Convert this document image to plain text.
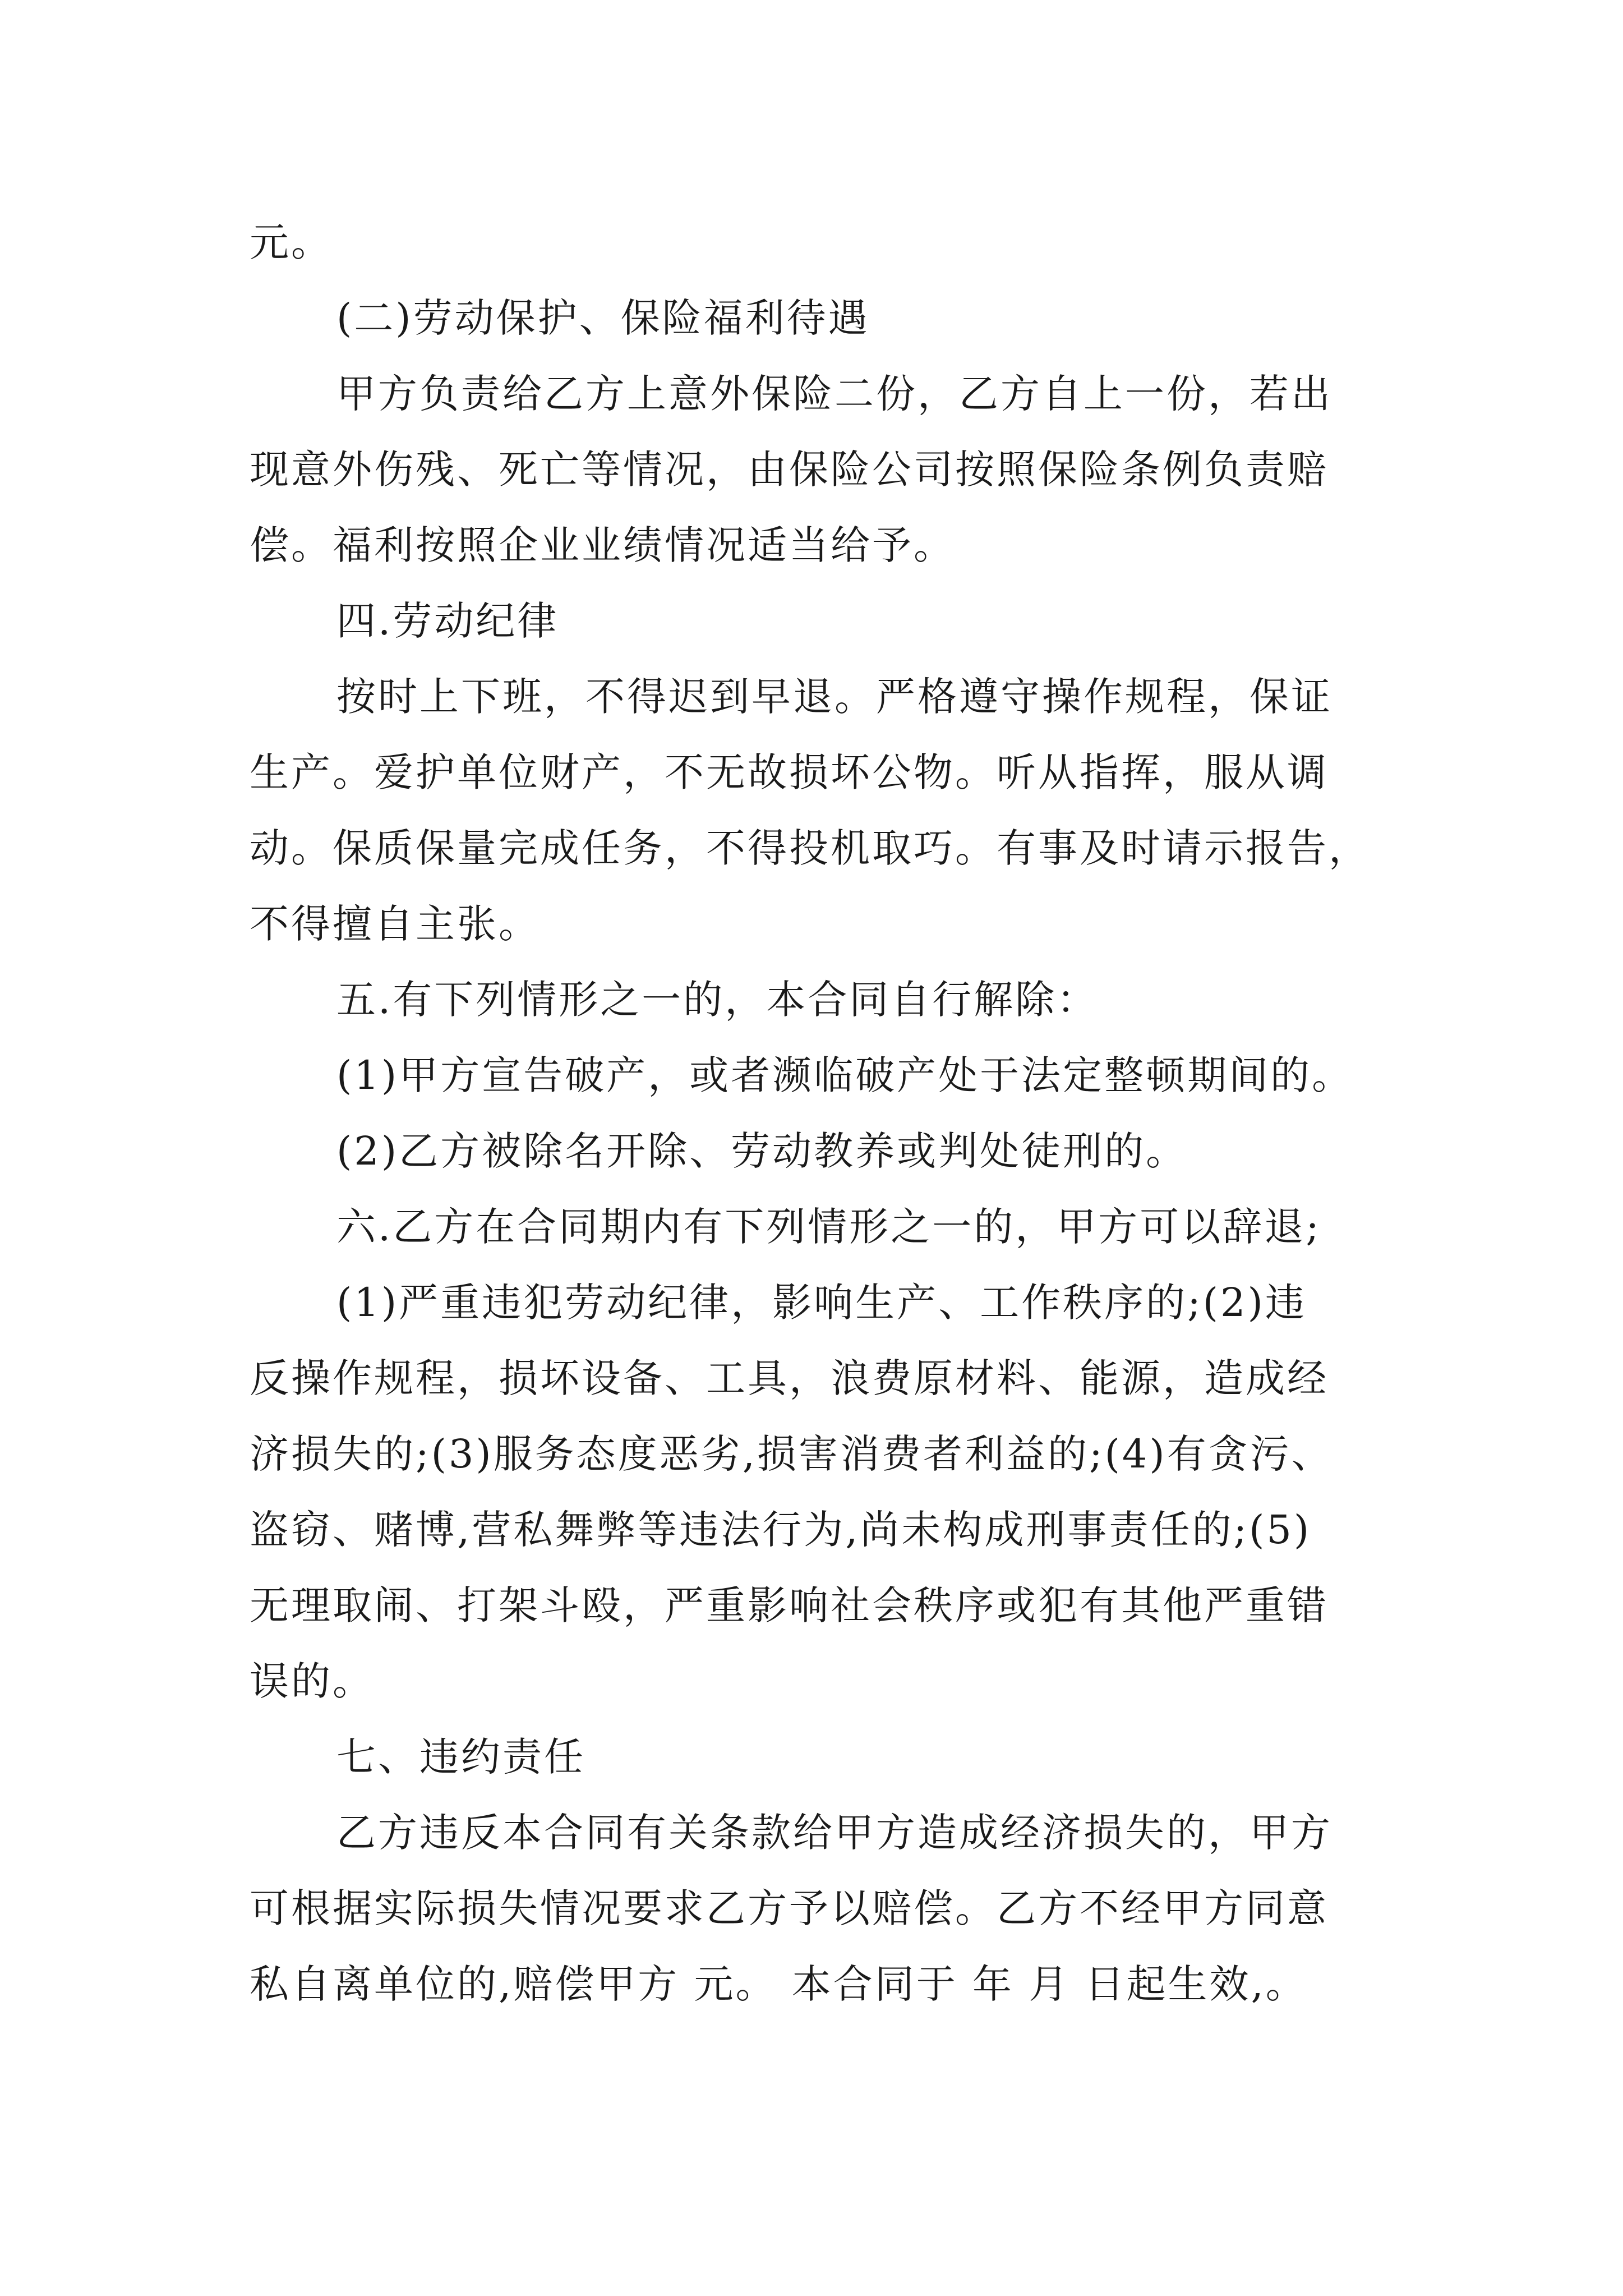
元。
(二)劳动保护、保险福利待遇
甲方负责给乙方上意外保险二份，乙方自上一份，若出
现意外伤残、死亡等情况，由保险公司按照保险条例负责赔
偿。福利按照企业业绩情况适当给予。
四.劳动纪律
按时上下班，不得迟到早退。严格遵守操作规程，保证
生产。爱护单位财产，不无故损坏公物。听从指挥，服从调
动。保质保量完成任务，不得投机取巧。有事及时请示报告，
不得擅自主张。
五.有下列情形之一的，本合同自行解除：
(1)甲方宣告破产，或者濒临破产处于法定整顿期间的。
(2)乙方被除名开除、劳动教养或判处徒刑的。
六.乙方在合同期内有下列情形之一的，甲方可以辞退;
(1)严重违犯劳动纪律，影响生产、工作秩序的;(2)违
反操作规程，损坏设备、工具，浪费原材料、能源，造成经
济损失的;(3)服务态度恶劣,损害消费者利益的;(4)有贪污、
盗窃、赌博,营私舞弊等违法行为,尚未构成刑事责任的;(5)
无理取闹、打架斗殴，严重影响社会秩序或犯有其他严重错
误的。
七、违约责任
乙方违反本合同有关条款给甲方造成经济损失的，甲方
可根据实际损失情况要求乙方予以赔偿。乙方不经甲方同意
私自离单位的,赔偿甲方 元。 本合同于 年 月 日起生效,。
